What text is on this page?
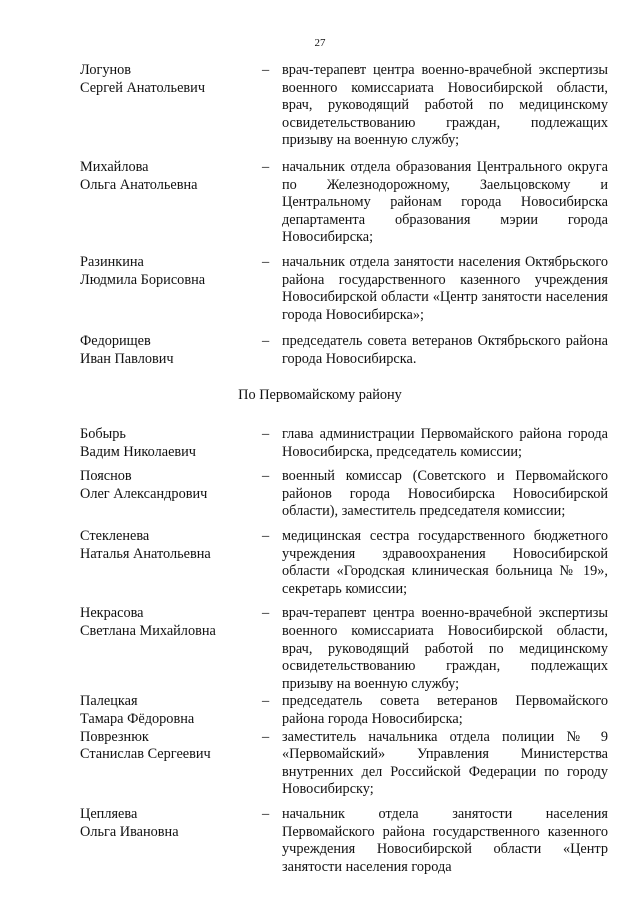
27
Логунов
Сергей Анатольевич
– врач-терапевт центра военно-врачебной экспертизы военного комиссариата Новосибирской области, врач, руководящий работой по медицинскому освидетельствованию граждан, подлежащих призыву на военную службу;
Михайлова
Ольга Анатольевна
– начальник отдела образования Центрального округа по Железнодорожному, Заельцовскому и Центральному районам города Новосибирска департамента образования мэрии города Новосибирска;
Разинкина
Людмила Борисовна
– начальник отдела занятости населения Октябрьского района государственного казенного учреждения Новосибирской области «Центр занятости населения города Новосибирска»;
Федорищев
Иван Павлович
– председатель совета ветеранов Октябрьского района города Новосибирска.
По Первомайскому району
Бобырь
Вадим Николаевич
– глава администрации Первомайского района города Новосибирска, председатель комиссии;
Пояснов
Олег Александрович
– военный комиссар (Советского и Первомайского районов города Новосибирска Новосибирской области), заместитель председателя комиссии;
Стекленева
Наталья Анатольевна
– медицинская сестра государственного бюджетного учреждения здравоохранения Новосибирской области «Городская клиническая больница № 19», секретарь комиссии;
Некрасова
Светлана Михайловна
– врач-терапевт центра военно-врачебной экспертизы военного комиссариата Новосибирской области, врач, руководящий работой по медицинскому освидетельствованию граждан, подлежащих призыву на военную службу;
Палецкая
Тамара Фёдоровна
– председатель совета ветеранов Первомайского района города Новосибирска;
Поврезнюк
Станислав Сергеевич
– заместитель начальника отдела полиции № 9 «Первомайский» Управления Министерства внутренних дел Российской Федерации по городу Новосибирску;
Цепляева
Ольга Ивановна
– начальник отдела занятости населения Первомайского района государственного казенного учреждения Новосибирской области «Центр занятости населения города
